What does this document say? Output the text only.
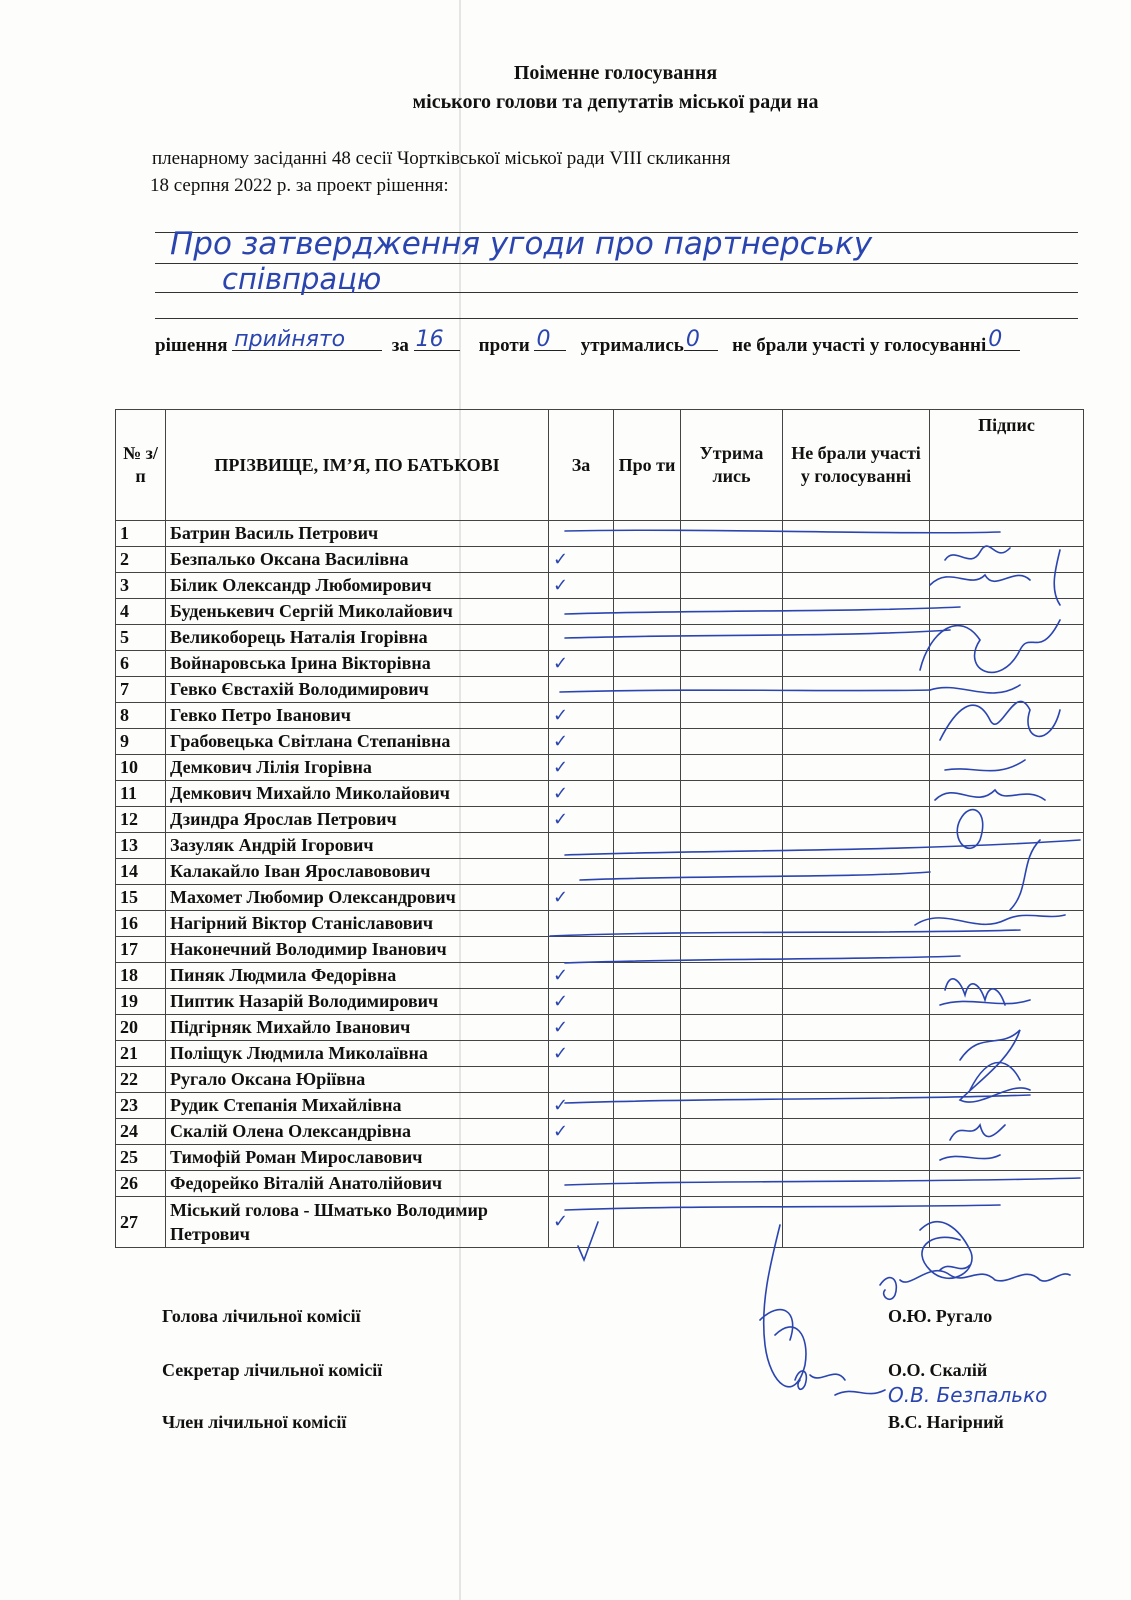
Поіменне голосування
міського голови та депутатів міської ради на
пленарному засіданні 48 сесії Чортківської міської ради VIII скликання
18 серпня 2022 р. за проект рішення:
Про затвердження угоди про партнерську
співпрацю
рішення прийнято за 16 проти 0 утримались 0 не брали участі у голосуванні 0
№ з/п	ПРІЗВИЩЕ, ІМ’Я, ПО БАТЬКОВІ	За	Про ти	Утрима лись	Не брали участі у голосуванні	Підпис
1	Батрин Василь Петрович					
2	Безпалько Оксана Василівна	✓				
3	Білик Олександр Любомирович	✓				
4	Буденькевич Сергій Миколайович					
5	Великоборець Наталія Ігорівна					
6	Войнаровська Ірина Вікторівна	✓				
7	Гевко Євстахій Володимирович					
8	Гевко Петро Іванович	✓				
9	Грабовецька Світлана Степанівна	✓				
10	Демкович Лілія Ігорівна	✓				
11	Демкович Михайло Миколайович	✓				
12	Дзиндра Ярослав Петрович	✓				
13	Зазуляк Андрій Ігорович					
14	Калакайло Іван Ярославовович					
15	Махомет Любомир Олександрович	✓				
16	Нагірний Віктор Станіславович					
17	Наконечний Володимир Іванович					
18	Пиняк Людмила Федорівна	✓				
19	Пиптик Назарій Володимирович	✓				
20	Підгірняк Михайло Іванович	✓				
21	Поліщук Людмила Миколаївна	✓				
22	Ругало Оксана Юріївна					
23	Рудик Степанія Михайлівна	✓				
24	Скалій Олена Олександрівна	✓				
25	Тимофій Роман Мирославович					
26	Федорейко Віталій Анатолійович					
27	Міський голова - Шматько Володимир Петрович	✓				
Голова лічильної комісії	О.Ю. Ругало
Секретар лічильної комісії	О.О. Скалій
Член лічильної комісії	В.С. Нагірний
О.В. Безпалько
